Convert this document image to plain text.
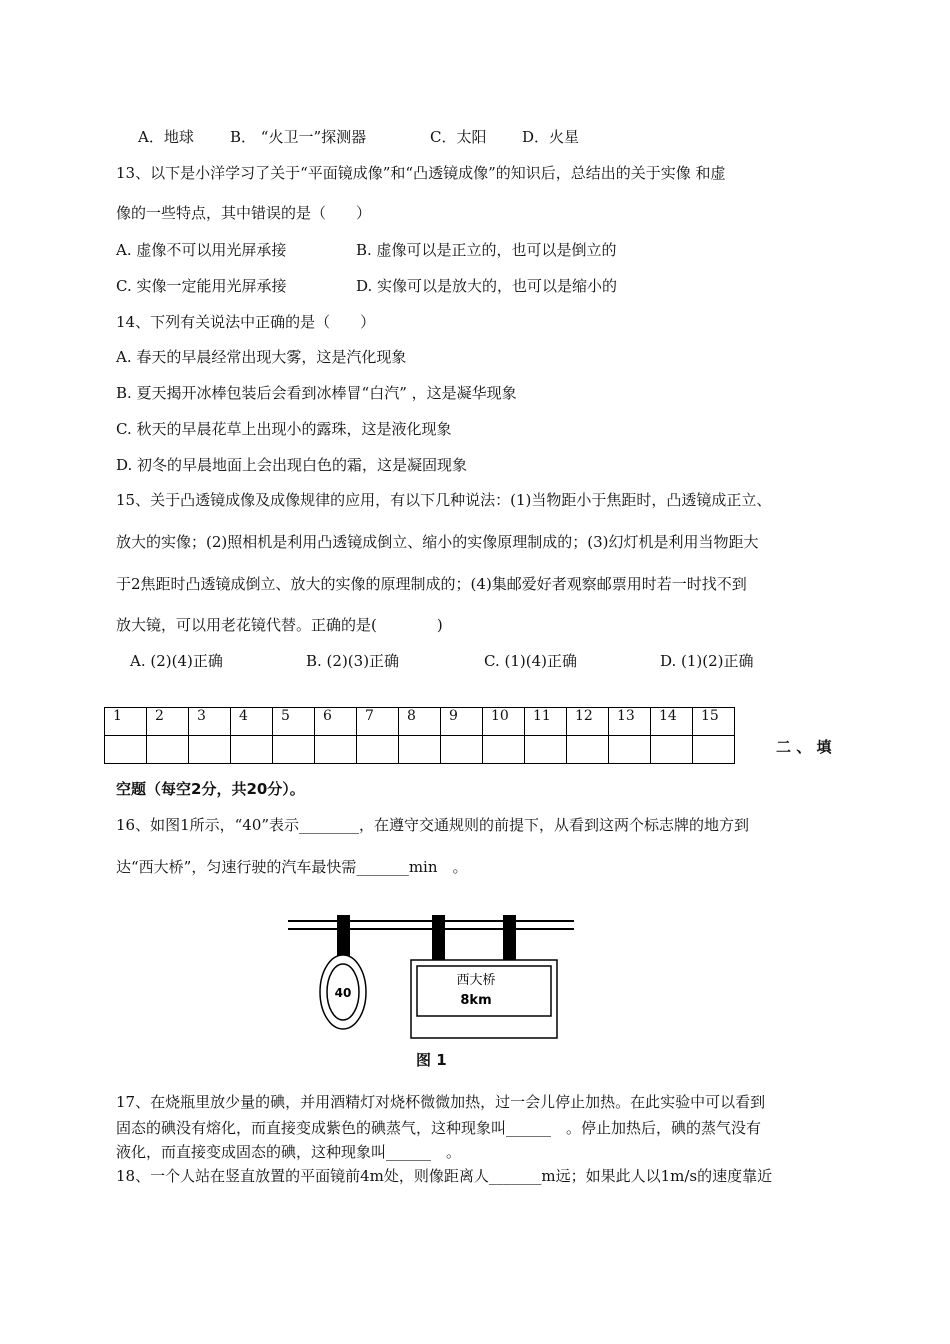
A．地球 B． “火卫一”探测器	C．太阳 D．火星
13、以下是小洋学习了关于“平面镜成像”和“凸透镜成像”的知识后，总结出的关于实像 和虚
像的一些特点，其中错误的是（　　）
A. 虚像不可以用光屏承接	B. 虚像可以是正立的，也可以是倒立的
C. 实像一定能用光屏承接	D. 实像可以是放大的，也可以是缩小的
14、下列有关说法中正确的是（　　）
A. 春天的早晨经常出现大雾，这是汽化现象
B. 夏天揭开冰棒包装后会看到冰棒冒“白汽” ，这是凝华现象
C. 秋天的早晨花草上出现小的露珠，这是液化现象
D. 初冬的早晨地面上会出现白色的霜，这是凝固现象
15、关于凸透镜成像及成像规律的应用，有以下几种说法：(1)当物距小于焦距时，凸透镜成正立、
放大的实像；(2)照相机是利用凸透镜成倒立、缩小的实像原理制成的；(3)幻灯机是利用当物距大
于2焦距时凸透镜成倒立、放大的实像的原理制成的；(4)集邮爱好者观察邮票用时若一时找不到
放大镜，可以用老花镜代替。正确的是(　　　　)
A. (2)(4)正确	B. (2)(3)正确	C. (1)(4)正确	D. (1)(2)正确
1	2	3	4	5	6	7	8	9	10	11	12	13	14	15

二 、 填
空题（每空2分，共20分）。
16、如图1所示，“40”表示________，在遵守交通规则的前提下，从看到这两个标志牌的地方到
达“西大桥”，匀速行驶的汽车最快需_______min　。
40
西大桥
8km
图 1
17、在烧瓶里放少量的碘，并用酒精灯对烧杯微微加热，过一会儿停止加热。在此实验中可以看到
固态的碘没有熔化，而直接变成紫色的碘蒸气，这种现象叫______　。停止加热后，碘的蒸气没有
液化，而直接变成固态的碘，这种现象叫______　。
18、一个人站在竖直放置的平面镜前4m处，则像距离人_______m远；如果此人以1m/s的速度靠近
